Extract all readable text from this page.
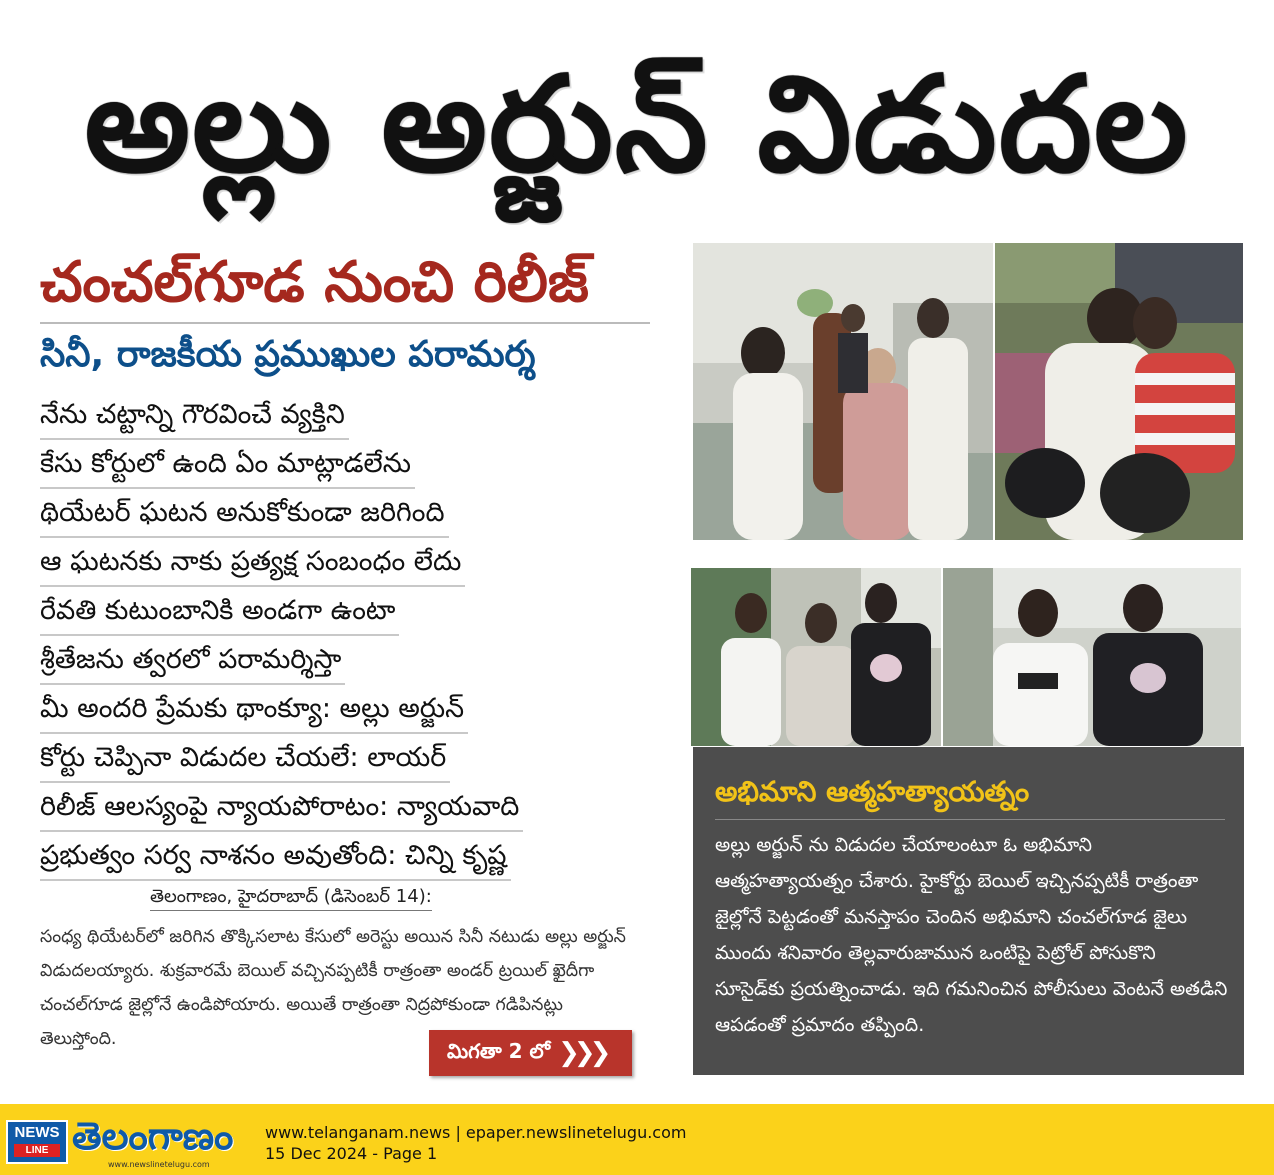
అల్లు అర్జున్ విడుదల
చంచల్‌గూడ నుంచి రిలీజ్
సినీ, రాజకీయ ప్రముఖుల పరామర్శ
నేను చట్టాన్ని గౌరవించే వ్యక్తిని
కేసు కోర్టులో ఉంది ఏం మాట్లాడలేను
థియేటర్ ఘటన అనుకోకుండా జరిగింది
ఆ ఘటనకు నాకు ప్రత్యక్ష సంబంధం లేదు
రేవతి కుటుంబానికి అండగా ఉంటా
శ్రీతేజను త్వరలో పరామర్శిస్తా
మీ అందరి ప్రేమకు థాంక్యూ: అల్లు అర్జున్
కోర్టు చెప్పినా విడుదల చేయలే: లాయర్
రిలీజ్ ఆలస్యంపై న్యాయపోరాటం: న్యాయవాది
ప్రభుత్వం సర్వ నాశనం అవుతోంది: చిన్ని కృష్ణ
తెలంగాణం, హైదరాబాద్ (డిసెంబర్ 14):
సంధ్య థియేటర్‌లో జరిగిన తొక్కిసలాట కేసులో అరెస్టు అయిన సినీ నటుడు అల్లు అర్జున్ విడుదలయ్యారు. శుక్రవారమే బెయిల్ వచ్చినప్పటికీ రాత్రంతా అండర్ ట్రయిల్ ఖైదీగా చంచల్‌గూడ జైల్లోనే ఉండిపోయారు. అయితే రాత్రంతా నిద్రపోకుండా గడిపినట్లు తెలుస్తోంది.	మిగతా 2 లో ❯❯❯
అభిమాని ఆత్మహత్యాయత్నం
అల్లు అర్జున్ ను విడుదల చేయాలంటూ ఓ అభిమాని ఆత్మహత్యాయత్నం చేశారు. హైకోర్టు బెయిల్ ఇచ్చినప్పటికీ రాత్రంతా జైల్లోనే పెట్టడంతో మనస్తాపం చెందిన అభిమాని చంచల్‌గూడ జైలు ముందు శనివారం తెల్లవారుజామున ఒంటిపై పెట్రోల్ పోసుకొని సూసైడ్‌కు ప్రయత్నించాడు. ఇది గమనించిన పోలీసులు వెంటనే అతడిని ఆపడంతో ప్రమాదం తప్పింది.
NEWS
LINE తెలంగాణం
www.newslinetelugu.com
www.telanganam.news | epaper.newslinetelugu.com
15 Dec 2024 - Page 1
